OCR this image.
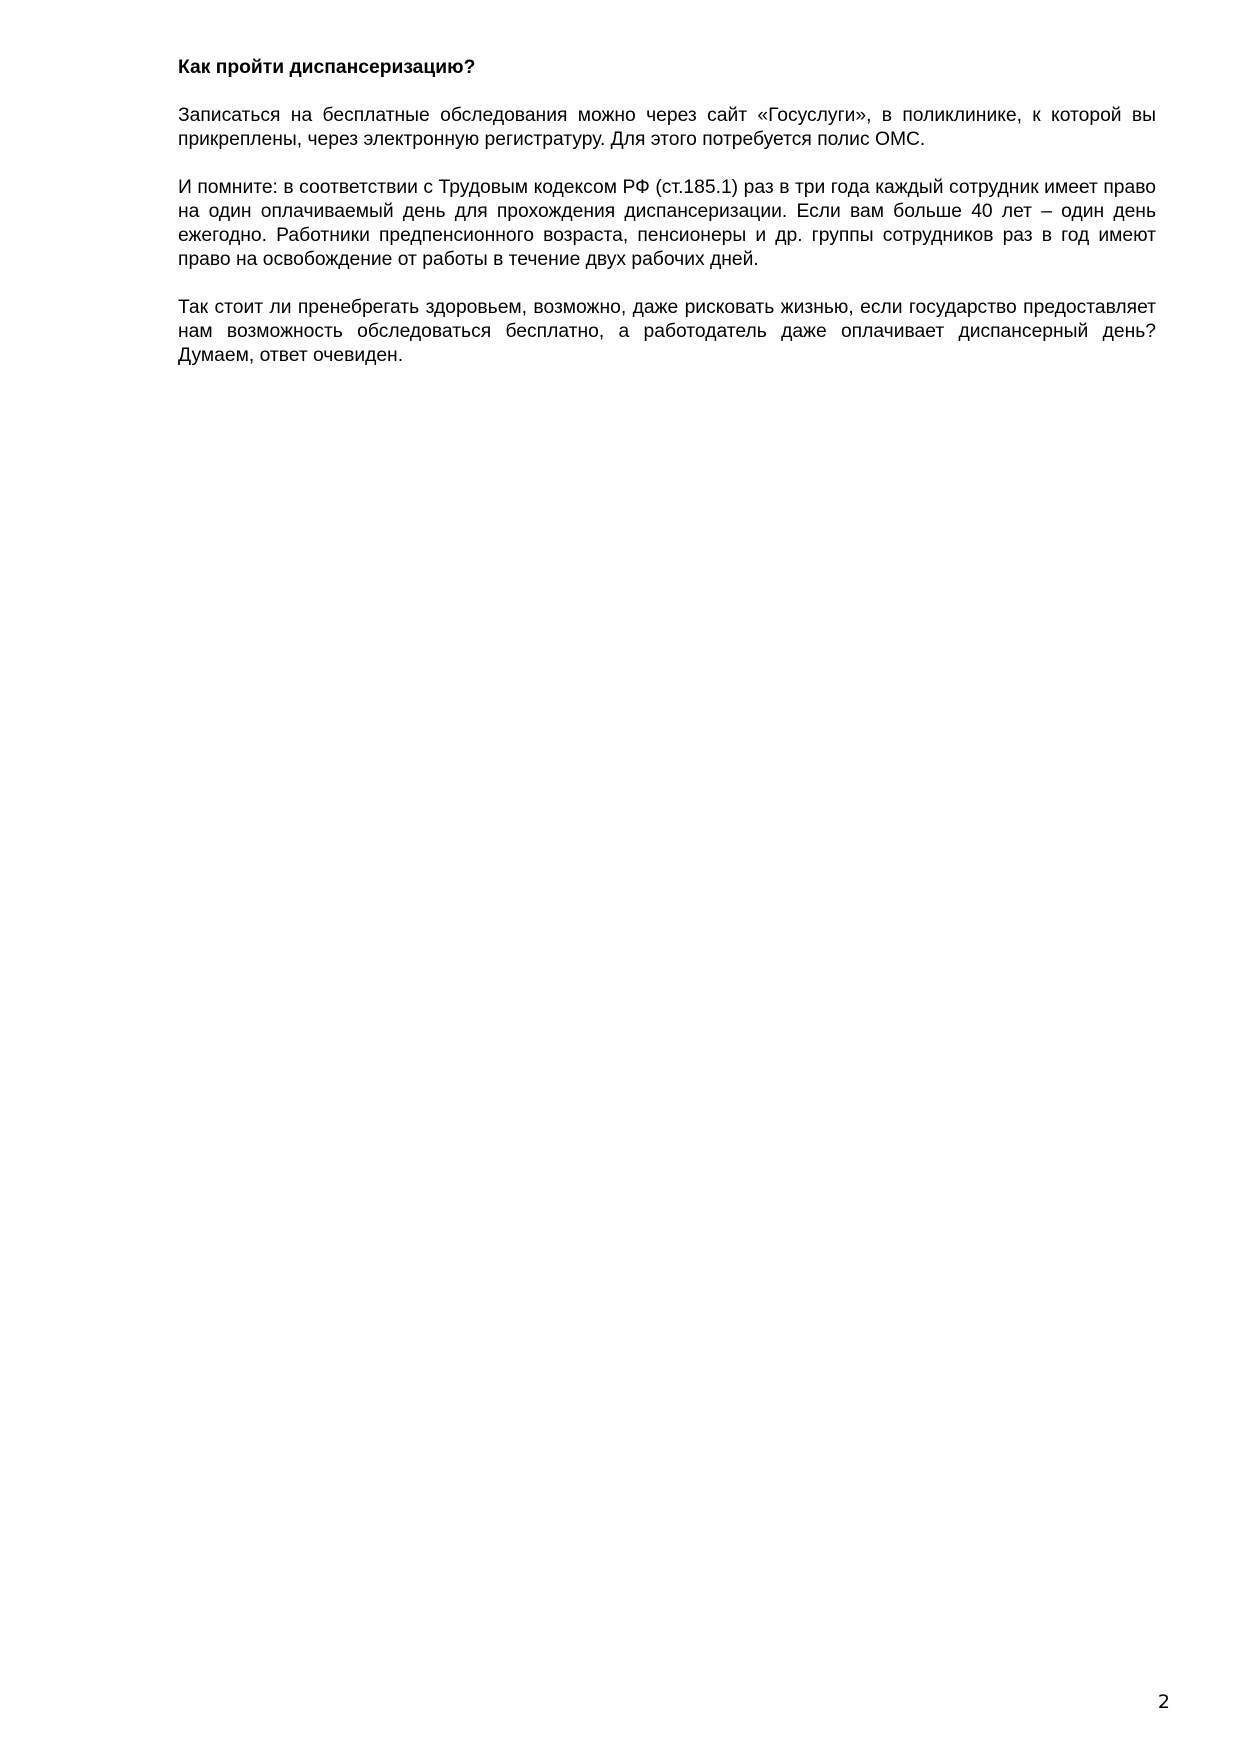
Как пройти диспансеризацию?

Записаться на бесплатные обследования можно через сайт «Госуслуги», в поликлинике, к которой вы прикреплены, через электронную регистратуру. Для этого потребуется полис ОМС.

И помните: в соответствии с Трудовым кодексом РФ (ст.185.1) раз в три года каждый сотрудник имеет право на один оплачиваемый день для прохождения диспансеризации. Если вам больше 40 лет – один день ежегодно. Работники предпенсионного возраста, пенсионеры и др. группы сотрудников раз в год имеют право на освобождение от работы в течение двух рабочих дней.

Так стоит ли пренебрегать здоровьем, возможно, даже рисковать жизнью, если государство предоставляет нам возможность обследоваться бесплатно, а работодатель даже оплачивает диспансерный день? Думаем, ответ очевиден.

2
